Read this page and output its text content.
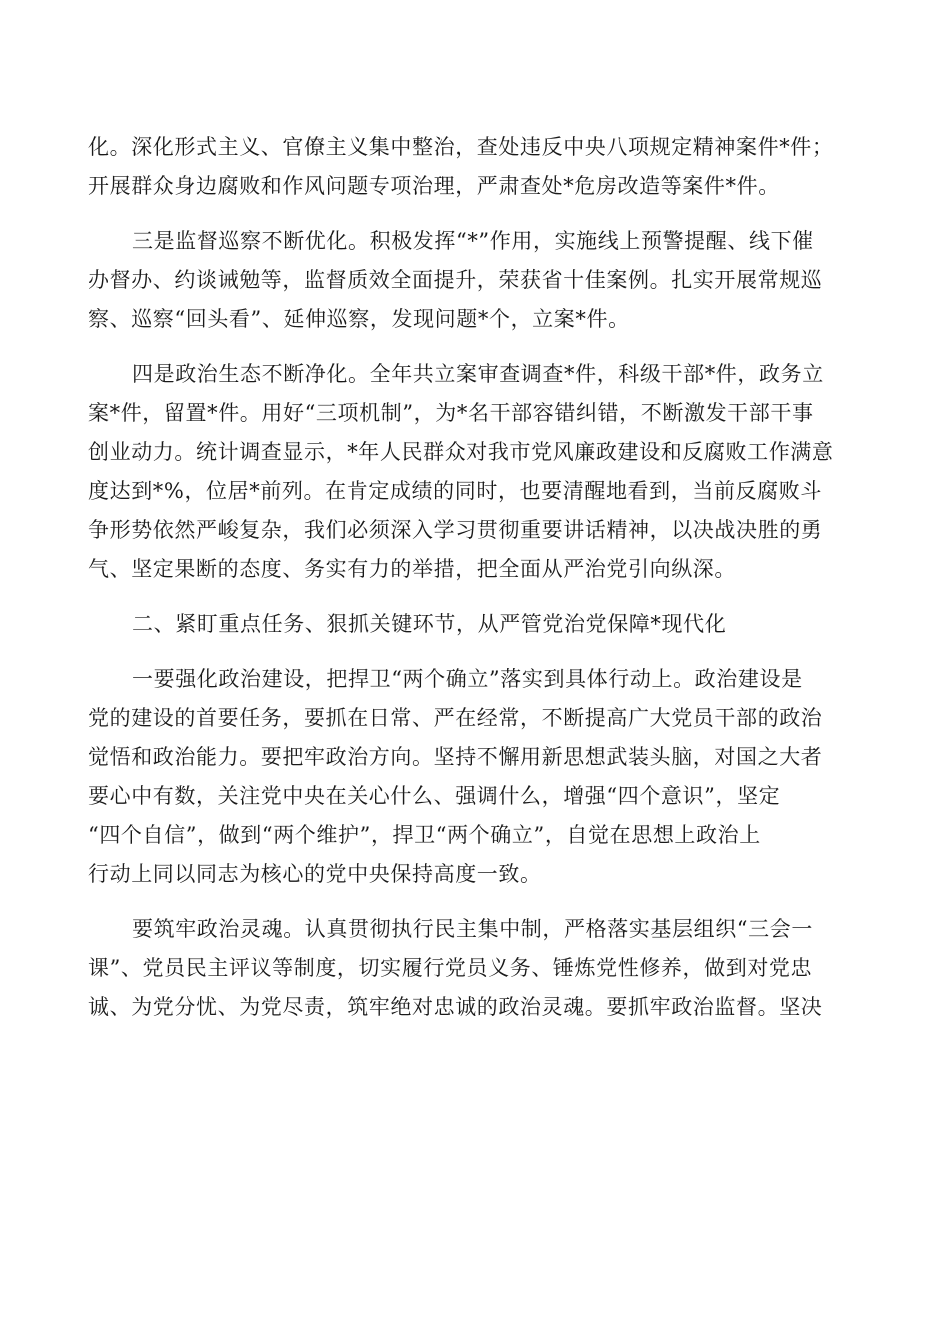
化。深化形式主义、官僚主义集中整治，查处违反中央八项规定精神案件*件；
开展群众身边腐败和作风问题专项治理，严肃查处*危房改造等案件*件。

三是监督巡察不断优化。积极发挥“*”作用，实施线上预警提醒、线下催
办督办、约谈诫勉等，监督质效全面提升，荣获省十佳案例。扎实开展常规巡
察、巡察“回头看”、延伸巡察，发现问题*个，立案*件。

四是政治生态不断净化。全年共立案审查调查*件，科级干部*件，政务立
案*件，留置*件。用好“三项机制”，为*名干部容错纠错，不断激发干部干事
创业动力。统计调查显示，*年人民群众对我市党风廉政建设和反腐败工作满意
度达到*%，位居*前列。在肯定成绩的同时，也要清醒地看到，当前反腐败斗
争形势依然严峻复杂，我们必须深入学习贯彻重要讲话精神，以决战决胜的勇
气、坚定果断的态度、务实有力的举措，把全面从严治党引向纵深。

二、紧盯重点任务、狠抓关键环节，从严管党治党保障*现代化

一要强化政治建设，把捍卫“两个确立”落实到具体行动上。政治建设是
党的建设的首要任务，要抓在日常、严在经常，不断提高广大党员干部的政治
觉悟和政治能力。要把牢政治方向。坚持不懈用新思想武装头脑，对国之大者
要心中有数，关注党中央在关心什么、强调什么，增强“四个意识”，坚定
“四个自信”，做到“两个维护”，捍卫“两个确立”，自觉在思想上政治上
行动上同以同志为核心的党中央保持高度一致。

要筑牢政治灵魂。认真贯彻执行民主集中制，严格落实基层组织“三会一
课”、党员民主评议等制度，切实履行党员义务、锤炼党性修养，做到对党忠
诚、为党分忧、为党尽责，筑牢绝对忠诚的政治灵魂。要抓牢政治监督。坚决
